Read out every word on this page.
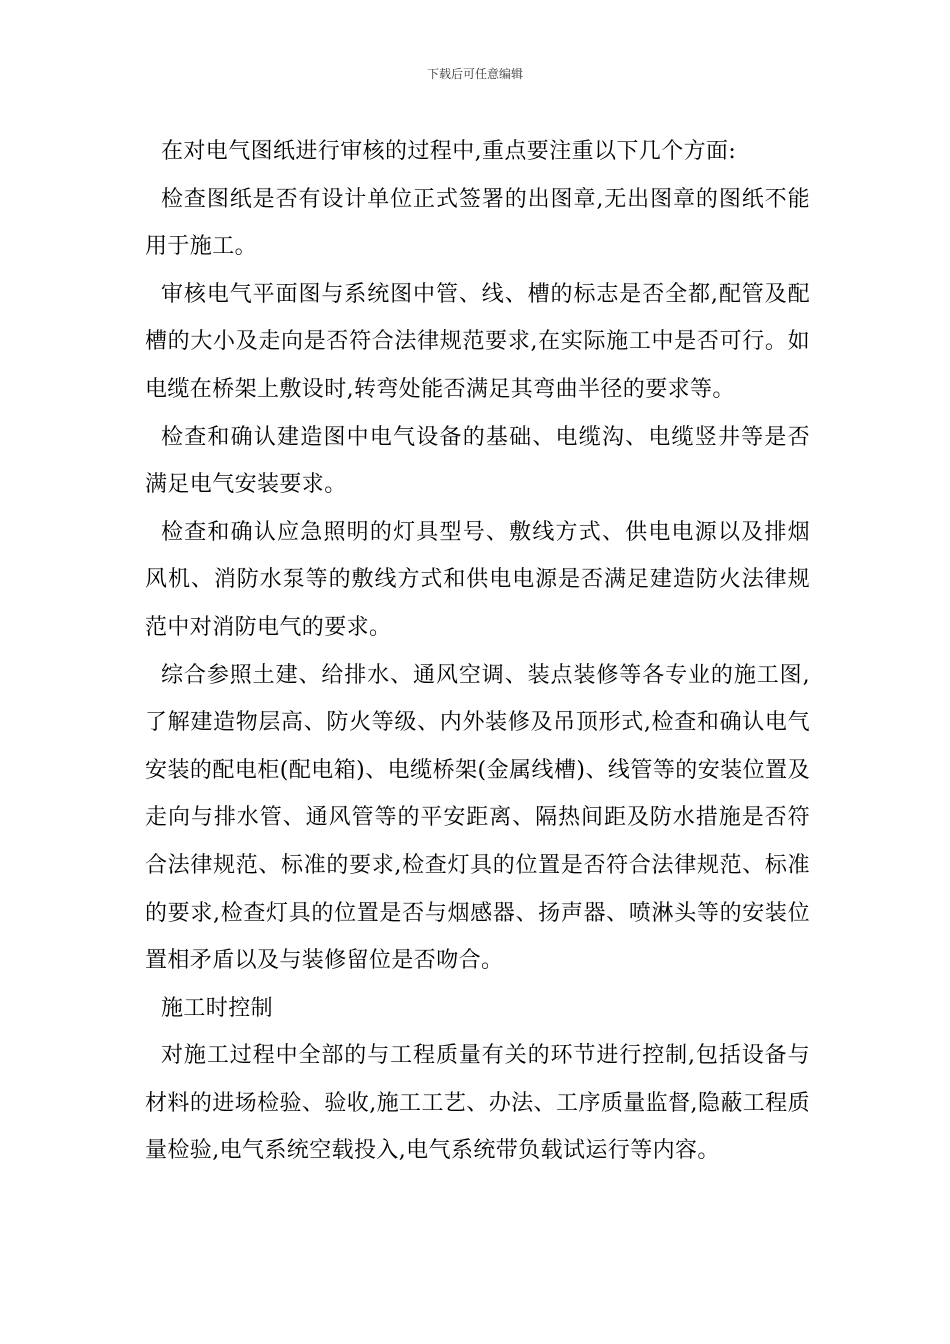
下载后可任意编辑

在对电气图纸进行审核的过程中,重点要注重以下几个方面:

检查图纸是否有设计单位正式签署的出图章,无出图章的图纸不能用于施工。

审核电气平面图与系统图中管、线、槽的标志是否全都,配管及配槽的大小及走向是否符合法律规范要求,在实际施工中是否可行。如电缆在桥架上敷设时,转弯处能否满足其弯曲半径的要求等。

检查和确认建造图中电气设备的基础、电缆沟、电缆竖井等是否满足电气安装要求。

检查和确认应急照明的灯具型号、敷线方式、供电电源以及排烟风机、消防水泵等的敷线方式和供电电源是否满足建造防火法律规范中对消防电气的要求。

综合参照土建、给排水、通风空调、装点装修等各专业的施工图,了解建造物层高、防火等级、内外装修及吊顶形式,检查和确认电气安装的配电柜(配电箱)、电缆桥架(金属线槽)、线管等的安装位置及走向与排水管、通风管等的平安距离、隔热间距及防水措施是否符合法律规范、标准的要求,检查灯具的位置是否符合法律规范、标准的要求,检查灯具的位置是否与烟感器、扬声器、喷淋头等的安装位置相矛盾以及与装修留位是否吻合。

施工时控制

对施工过程中全部的与工程质量有关的环节进行控制,包括设备与材料的进场检验、验收,施工工艺、办法、工序质量监督,隐蔽工程质量检验,电气系统空载投入,电气系统带负载试运行等内容。
